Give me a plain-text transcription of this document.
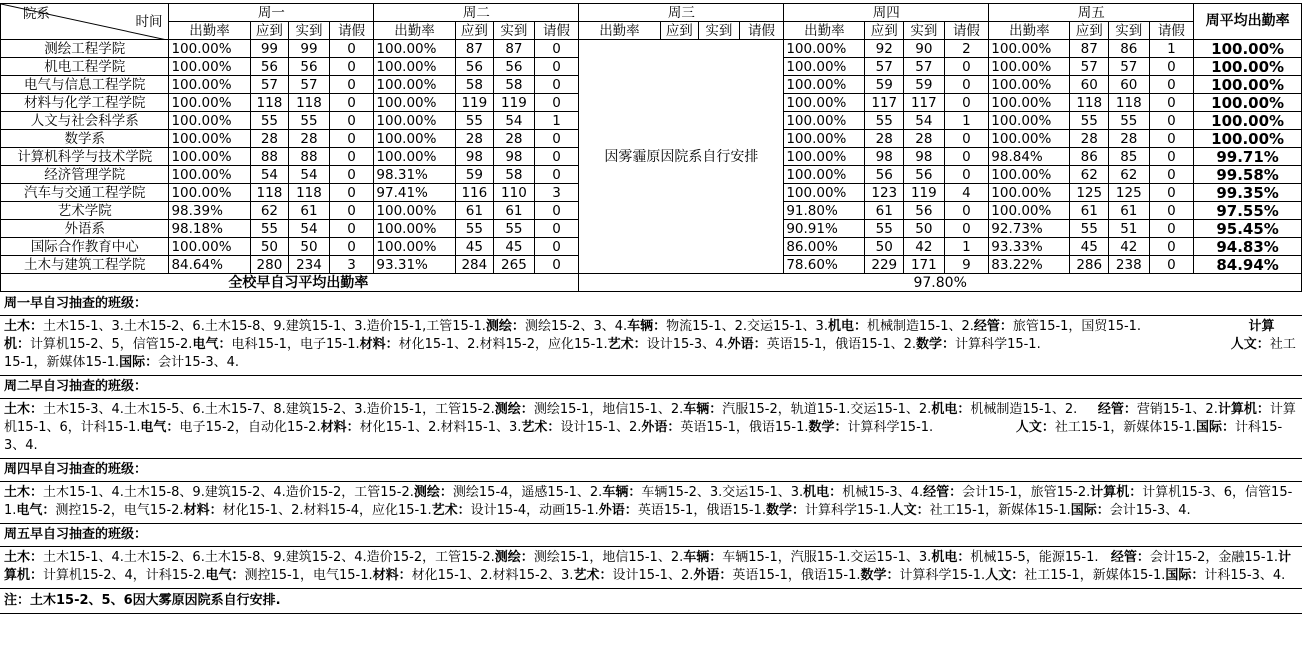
院系 时间	周一				周二				周三				周四				周五				周平均出勤率
	出勤率	应到	实到	请假	出勤率	应到	实到	请假	出勤率	应到	实到	请假	出勤率	应到	实到	请假	出勤率	应到	实到	请假	
测绘工程学院	100.00%	99	99	0	100.00%	87	87	0	因雾霾原因院系自行安排				100.00%	92	90	2	100.00%	87	86	1	100.00%
机电工程学院	100.00%	56	56	0	100.00%	56	56	0					100.00%	57	57	0	100.00%	57	57	0	100.00%
电气与信息工程学院	100.00%	57	57	0	100.00%	58	58	0					100.00%	59	59	0	100.00%	60	60	0	100.00%
材料与化学工程学院	100.00%	118	118	0	100.00%	119	119	0					100.00%	117	117	0	100.00%	118	118	0	100.00%
人文与社会科学系	100.00%	55	55	0	100.00%	55	54	1					100.00%	55	54	1	100.00%	55	55	0	100.00%
数学系	100.00%	28	28	0	100.00%	28	28	0					100.00%	28	28	0	100.00%	28	28	0	100.00%
计算机科学与技术学院	100.00%	88	88	0	100.00%	98	98	0					100.00%	98	98	0	98.84%	86	85	0	99.71%
经济管理学院	100.00%	54	54	0	98.31%	59	58	0					100.00%	56	56	0	100.00%	62	62	0	99.58%
汽车与交通工程学院	100.00%	118	118	0	97.41%	116	110	3					100.00%	123	119	4	100.00%	125	125	0	99.35%
艺术学院	98.39%	62	61	0	100.00%	61	61	0					91.80%	61	56	0	100.00%	61	61	0	97.55%
外语系	98.18%	55	54	0	100.00%	55	55	0					90.91%	55	50	0	92.73%	55	51	0	95.45%
国际合作教育中心	100.00%	50	50	0	100.00%	45	45	0					86.00%	50	42	1	93.33%	45	42	0	94.83%
土木与建筑工程学院	84.64%	280	234	3	93.31%	284	265	0					78.60%	229	171	9	83.22%	286	238	0	84.94%
全校早自习平均出勤率									97.80%												
周一早自习抽查的班级：
土木：土木15-1、3.土木15-2、6.土木15-8、9.建筑15-1、3.造价15-1,工管15-1.测绘：测绘15-2、3、4.车辆：物流15-1、2.交运15-1、3.机电：机械制造15-1、2.经管：旅管15-1，国贸15-1.                          计算机：计算机15-2、5，信管15-2.电气：电科15-1，电子15-1.材料：材化15-1、2.材料15-2，应化15-1.艺术：设计15-3、4.外语：英语15-1，俄语15-1、2.数学：计算科学15-1.                                              人文：社工15-1，新媒体15-1.国际：会计15-3、4.
周二早自习抽查的班级：
土木：土木15-3、4.土木15-5、6.土木15-7、8.建筑15-2、3.造价15-1，工管15-2.测绘：测绘15-1，地信15-1、2.车辆：汽服15-2，轨道15-1.交运15-1、2.机电：机械制造15-1、2.     经管：营销15-1、2.计算机：计算机15-1、6，计科15-1.电气：电子15-2，自动化15-2.材料：材化15-1、2.材料15-1、3.艺术：设计15-1、2.外语：英语15-1，俄语15-1.数学：计算科学15-1.                    人文：社工15-1，新媒体15-1.国际：计科15-3、4.
周四早自习抽查的班级：
土木：土木15-1、4.土木15-8、9.建筑15-2、4.造价15-2，工管15-2.测绘：测绘15-4，遥感15-1、2.车辆：车辆15-2、3.交运15-1、3.机电：机械15-3、4.经管：会计15-1，旅管15-2.计算机：计算机15-3、6，信管15-1.电气：测控15-2，电气15-2.材料：材化15-1、2.材料15-4，应化15-1.艺术：设计15-4，动画15-1.外语：英语15-1，俄语15-1.数学：计算科学15-1.人文：社工15-1，新媒体15-1.国际：会计15-3、4.
周五早自习抽查的班级：
土木：土木15-1、4.土木15-2、6.土木15-8、9.建筑15-2、4.造价15-2，工管15-2.测绘：测绘15-1，地信15-1、2.车辆：车辆15-1，汽服15-1.交运15-1、3.机电：机械15-5，能源15-1.   经管：会计15-2，金融15-1.计算机：计算机15-2、4，计科15-2.电气：测控15-1，电气15-1.材料：材化15-1、2.材料15-2、3.艺术：设计15-1、2.外语：英语15-1，俄语15-1.数学：计算科学15-1.人文：社工15-1，新媒体15-1.国际：计科15-3、4.
注：土木15-2、5、6因大雾原因院系自行安排.
